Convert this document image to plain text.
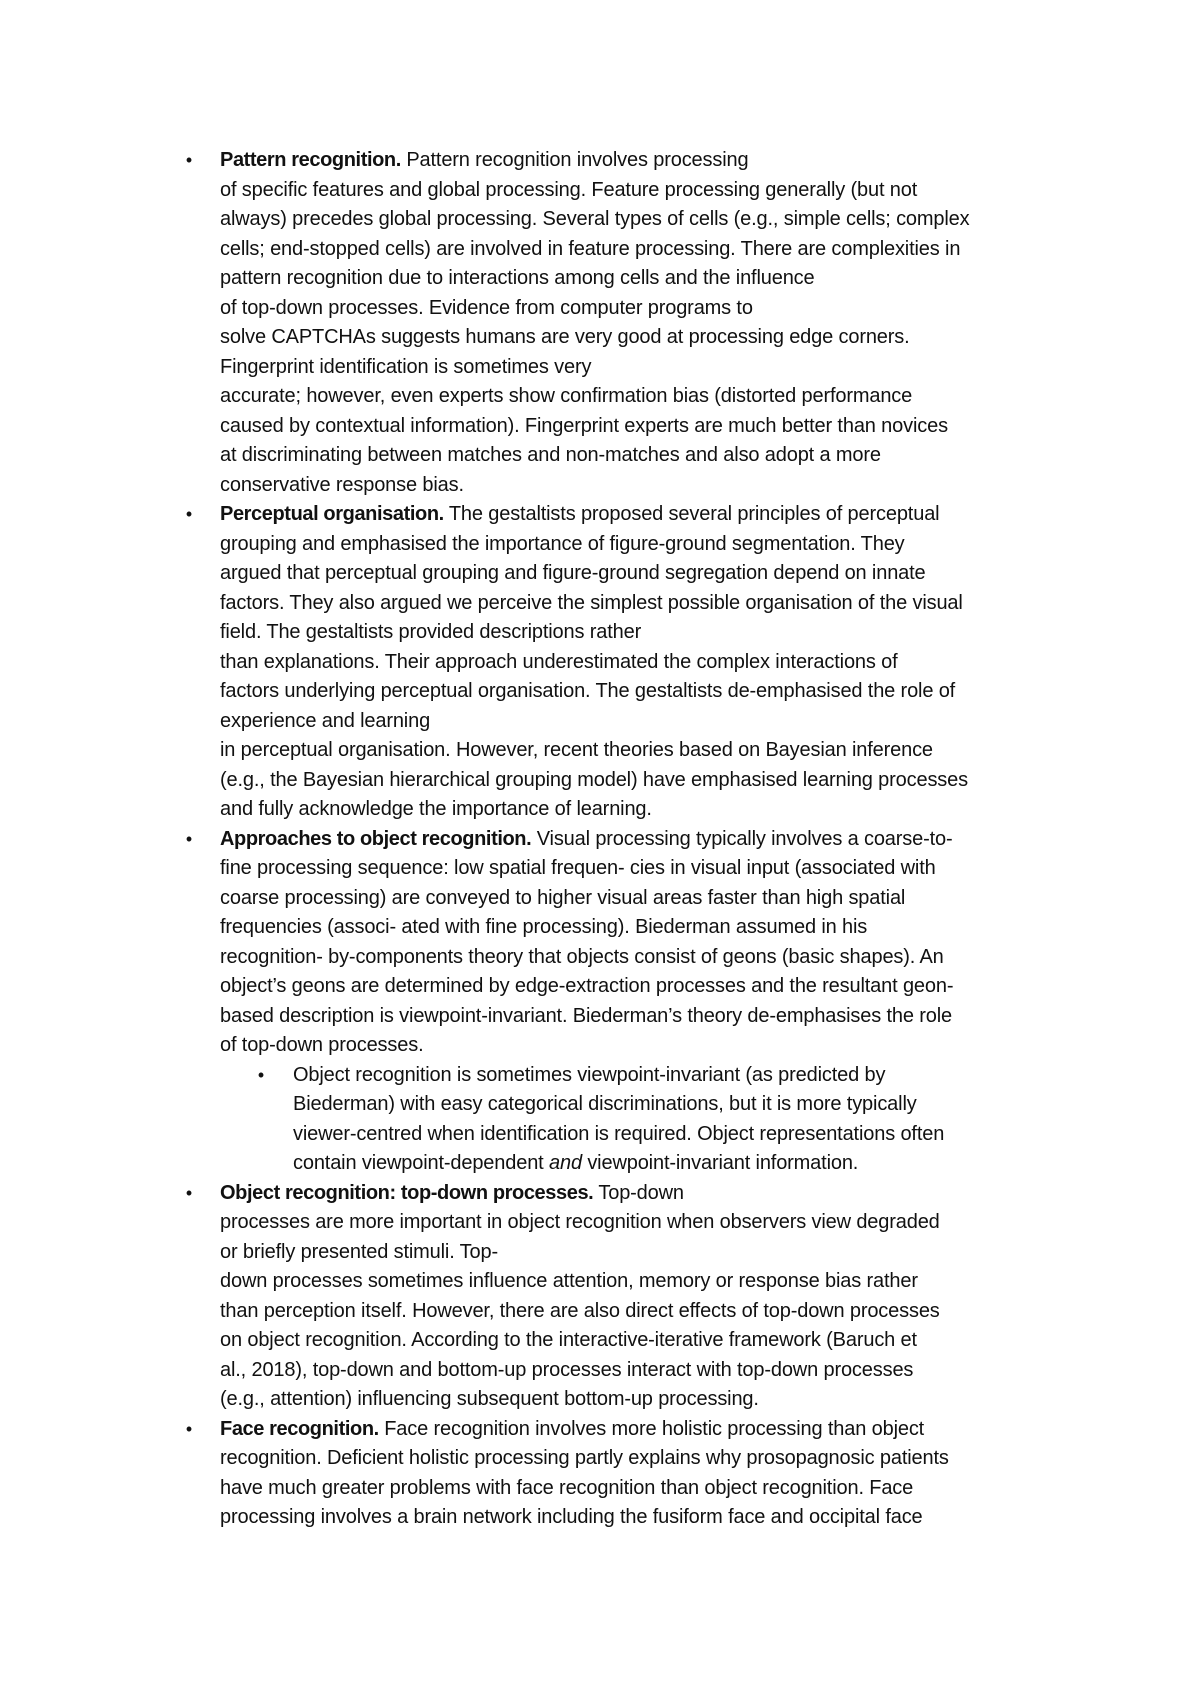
• Pattern recognition. Pattern recognition involves processing
of specific features and global processing. Feature processing generally (but not
always) precedes global processing. Several types of cells (e.g., simple cells; complex
cells; end-stopped cells) are involved in feature processing. There are complexities in
pattern recognition due to interactions among cells and the influence
of top-down processes. Evidence from computer programs to
solve CAPTCHAs suggests humans are very good at processing edge corners.
Fingerprint identification is sometimes very
accurate; however, even experts show confirmation bias (distorted performance
caused by contextual information). Fingerprint experts are much better than novices
at discriminating between matches and non-matches and also adopt a more
conservative response bias.
• Perceptual organisation. The gestaltists proposed several principles of perceptual
grouping and emphasised the importance of figure-ground segmentation. They
argued that perceptual grouping and figure-ground segregation depend on innate
factors. They also argued we perceive the simplest possible organisation of the visual
field. The gestaltists provided descriptions rather
than explanations. Their approach underestimated the complex interactions of
factors underlying perceptual organisation. The gestaltists de-emphasised the role of
experience and learning
in perceptual organisation. However, recent theories based on Bayesian inference
(e.g., the Bayesian hierarchical grouping model) have emphasised learning processes
and fully acknowledge the importance of learning.
• Approaches to object recognition. Visual processing typically involves a coarse-to-
fine processing sequence: low spatial frequen- cies in visual input (associated with
coarse processing) are conveyed to higher visual areas faster than high spatial
frequencies (associ- ated with fine processing). Biederman assumed in his
recognition- by-components theory that objects consist of geons (basic shapes). An
object’s geons are determined by edge-extraction processes and the resultant geon-
based description is viewpoint-invariant. Biederman’s theory de-emphasises the role
of top-down processes.
• Object recognition is sometimes viewpoint-invariant (as predicted by
Biederman) with easy categorical discriminations, but it is more typically
viewer-centred when identification is required. Object representations often
contain viewpoint-dependent and viewpoint-invariant information.
• Object recognition: top-down processes. Top-down
processes are more important in object recognition when observers view degraded
or briefly presented stimuli. Top-
down processes sometimes influence attention, memory or response bias rather
than perception itself. However, there are also direct effects of top-down processes
on object recognition. According to the interactive-iterative framework (Baruch et
al., 2018), top-down and bottom-up processes interact with top-down processes
(e.g., attention) influencing subsequent bottom-up processing.
• Face recognition. Face recognition involves more holistic processing than object
recognition. Deficient holistic processing partly explains why prosopagnosic patients
have much greater problems with face recognition than object recognition. Face
processing involves a brain network including the fusiform face and occipital face
